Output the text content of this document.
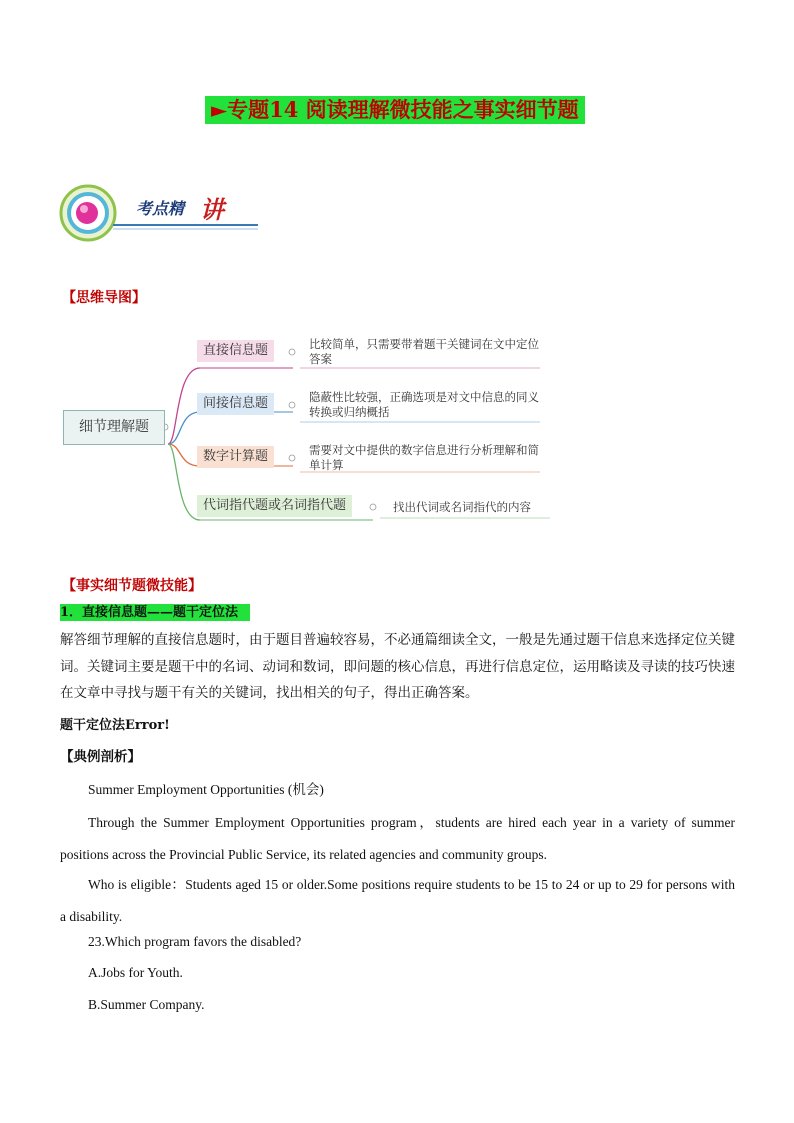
►专题14 阅读理解微技能之事实细节题
考点精 讲
【思维导图】
细节理解题
直接信息题
间接信息题
数字计算题
代词指代题或名词指代题
比较简单，只需要带着题干关键词在文中定位答案
隐蔽性比较强，正确选项是对文中信息的同义转换或归纳概括
需要对文中提供的数字信息进行分析理解和简单计算
找出代词或名词指代的内容
【事实细节题微技能】
1．直接信息题——题干定位法
解答细节理解的直接信息题时，由于题目普遍较容易，不必通篇细读全文，一般是先通过题干信息来选择定位关键词。关键词主要是题干中的名词、动词和数词，即问题的核心信息，再进行信息定位，运用略读及寻读的技巧快速在文章中寻找与题干有关的关键词，找出相关的句子，得出正确答案。
题干定位法Error!
【典例剖析】
Summer Employment Opportunities (机会)
Through the Summer Employment Opportunities program，students are hired each year in a variety of summer positions across the Provincial Public Service, its related agencies and community groups.
Who is eligible：Students aged 15 or older.Some positions require students to be 15 to 24 or up to 29 for persons with a disability.
23.Which program favors the disabled?
A.Jobs for Youth.
B.Summer Company.
